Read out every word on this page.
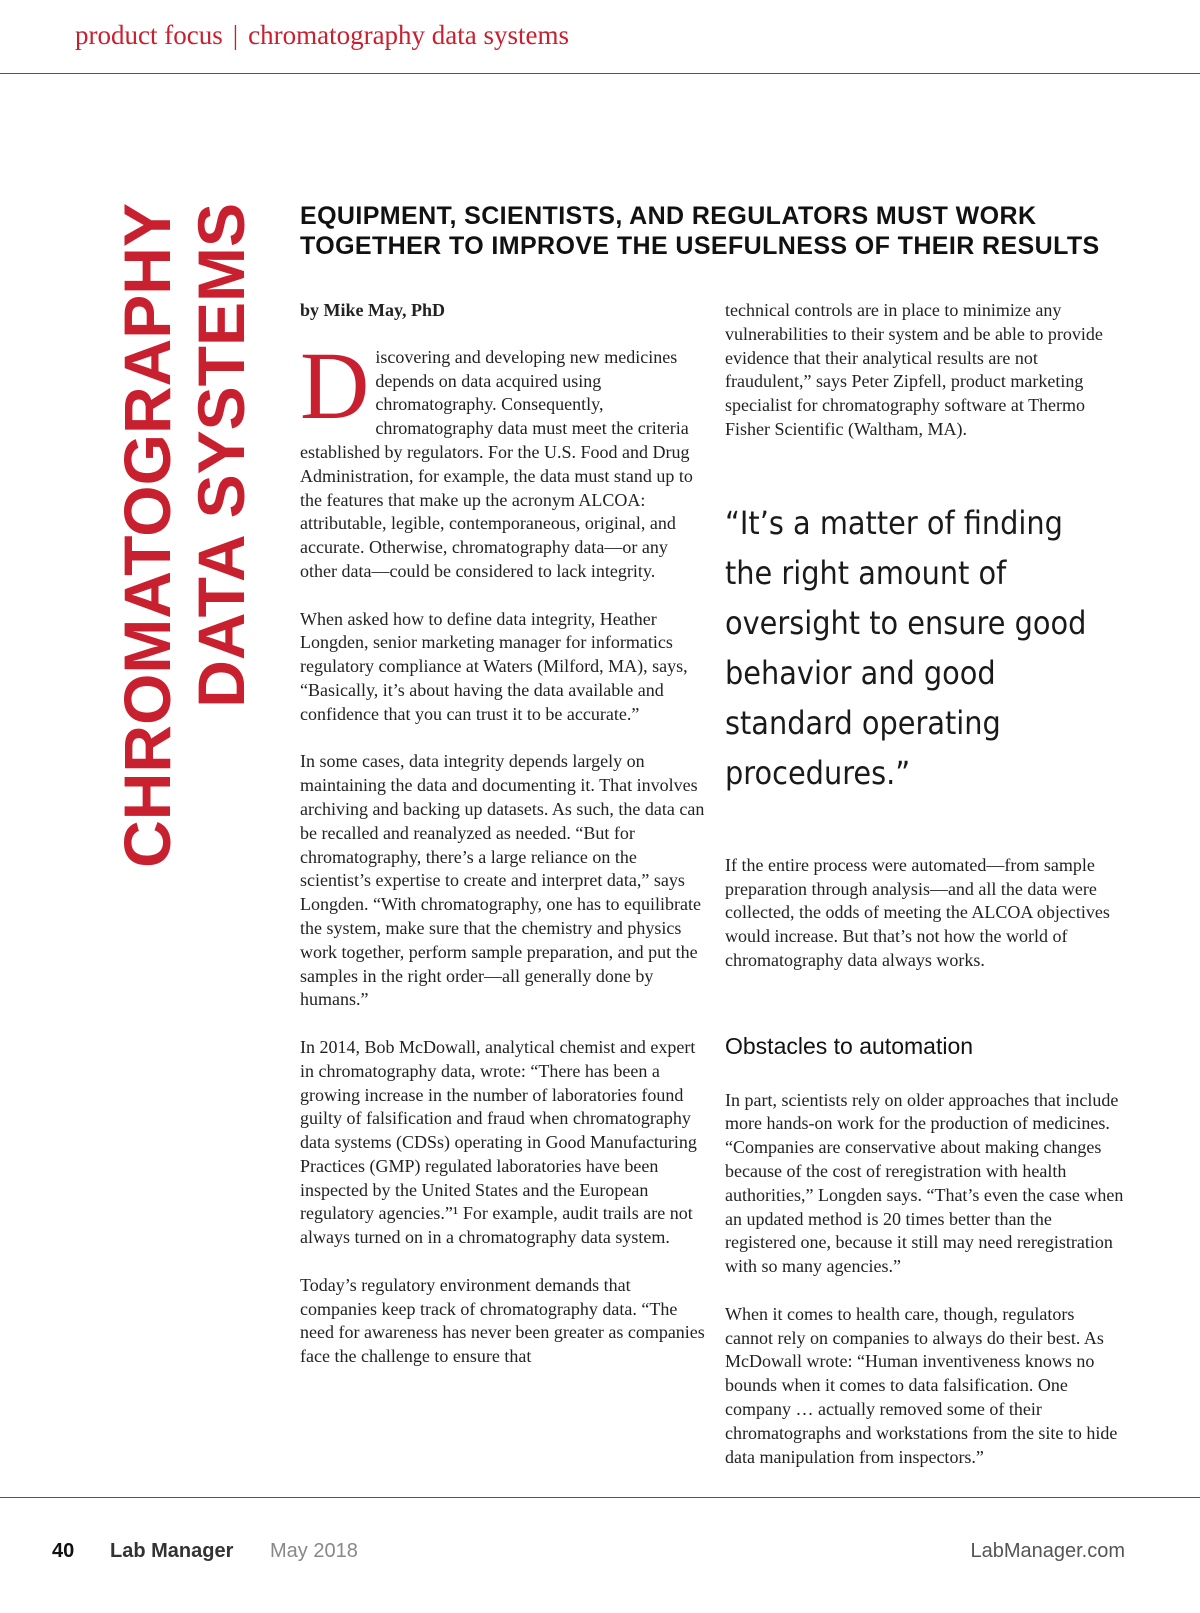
product focus | chromatography data systems
CHROMATOGRAPHY DATA SYSTEMS EQUIPMENT, SCIENTISTS, AND REGULATORS MUST WORK
TOGETHER TO IMPROVE THE USEFULNESS OF THEIR RESULTS

by Mike May, PhD

Discovering and developing new medicines depends on data acquired using chromatography. Consequently, chromatography data must meet the criteria established by regulators. For the U.S. Food and Drug Administration, for example, the data must stand up to the features that make up the acronym ALCOA: attributable, legible, contemporaneous, original, and accurate. Otherwise, chromatography data—or any other data—could be considered to lack integrity.

When asked how to define data integrity, Heather Longden, senior marketing manager for informatics regulatory compliance at Waters (Milford, MA), says, “Basically, it’s about having the data available and confidence that you can trust it to be accurate.”

In some cases, data integrity depends largely on maintaining the data and documenting it. That involves archiving and backing up datasets. As such, the data can be recalled and reanalyzed as needed. “But for chromatography, there’s a large reliance on the scientist’s expertise to create and interpret data,” says Longden. “With chromatography, one has to equilibrate the system, make sure that the chemistry and physics work together, perform sample preparation, and put the samples in the right order—all generally done by humans.”

In 2014, Bob McDowall, analytical chemist and expert in chromatography data, wrote: “There has been a growing increase in the number of laboratories found guilty of falsification and fraud when chromatography data systems (CDSs) operating in Good Manufacturing Practices (GMP) regulated laboratories have been inspected by the United States and the European regulatory agencies.”¹ For example, audit trails are not always turned on in a chromatography data system.

Today’s regulatory environment demands that companies keep track of chromatography data. “The need for awareness has never been greater as companies face the challenge to ensure that

technical controls are in place to minimize any vulnerabilities to their system and be able to provide evidence that their analytical results are not fraudulent,” says Peter Zipfell, product marketing specialist for chromatography software at Thermo Fisher Scientific (Waltham, MA).

“It’s a matter of finding the right amount of oversight to ensure good behavior and good standard operating procedures.”

If the entire process were automated—from sample preparation through analysis—and all the data were collected, the odds of meeting the ALCOA objectives would increase. But that’s not how the world of chromatography data always works.

Obstacles to automation

In part, scientists rely on older approaches that include more hands-on work for the production of medicines. “Companies are conservative about making changes because of the cost of reregistration with health authorities,” Longden says. “That’s even the case when an updated method is 20 times better than the registered one, because it still may need reregistration with so many agencies.”

When it comes to health care, though, regulators cannot rely on companies to always do their best. As McDowall wrote: “Human inventiveness knows no bounds when it comes to data falsification. One company … actually removed some of their chromatographs and workstations from the site to hide data manipulation from inspectors.”

40 Lab Manager May 2018	LabManager.com
